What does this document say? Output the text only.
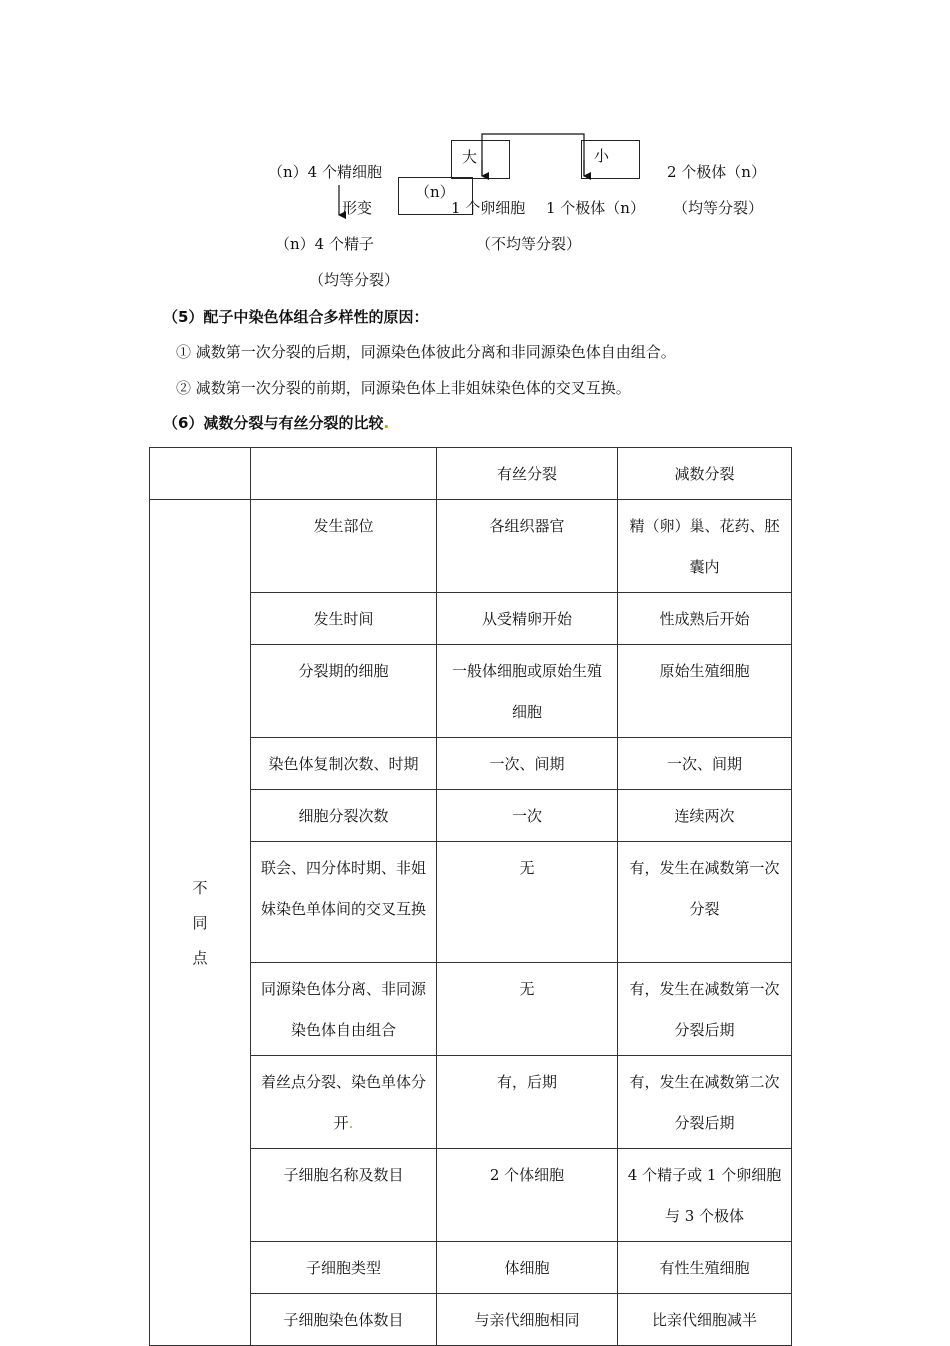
（n）4 个精细胞
大	小
（n）
2 个极体（n）
形变	1 个卵细胞 1 个极体（n） （均等分裂）
（n）4 个精子	（不均等分裂）
（均等分裂）
（5）配子中染色体组合多样性的原因：
① 减数第一次分裂的后期，同源染色体彼此分离和非同源染色体自由组合。
② 减数第一次分裂的前期，同源染色体上非姐妹染色体的交叉互换。
（6）减数分裂与有丝分裂的比较.
		有丝分裂	减数分裂

不
同
点	发生部位	各组织器官	精（卵）巢、花药、胚囊内
	发生时间	从受精卵开始	性成熟后开始
	分裂期的细胞	一般体细胞或原始生殖细胞	原始生殖细胞
	染色体复制次数、时期	一次、间期	一次、间期
	细胞分裂次数	一次	连续两次
	联会、四分体时期、非姐妹染色单体间的交叉互换	无	有，发生在减数第一次分裂
	同源染色体分离、非同源染色体自由组合	无	有，发生在减数第一次分裂后期
	着丝点分裂、染色单体分开.	有，后期	有，发生在减数第二次分裂后期
	子细胞名称及数目	2 个体细胞	4 个精子或 1 个卵细胞与 3 个极体
	子细胞类型	体细胞	有性生殖细胞
	子细胞染色体数目	与亲代细胞相同	比亲代细胞减半
